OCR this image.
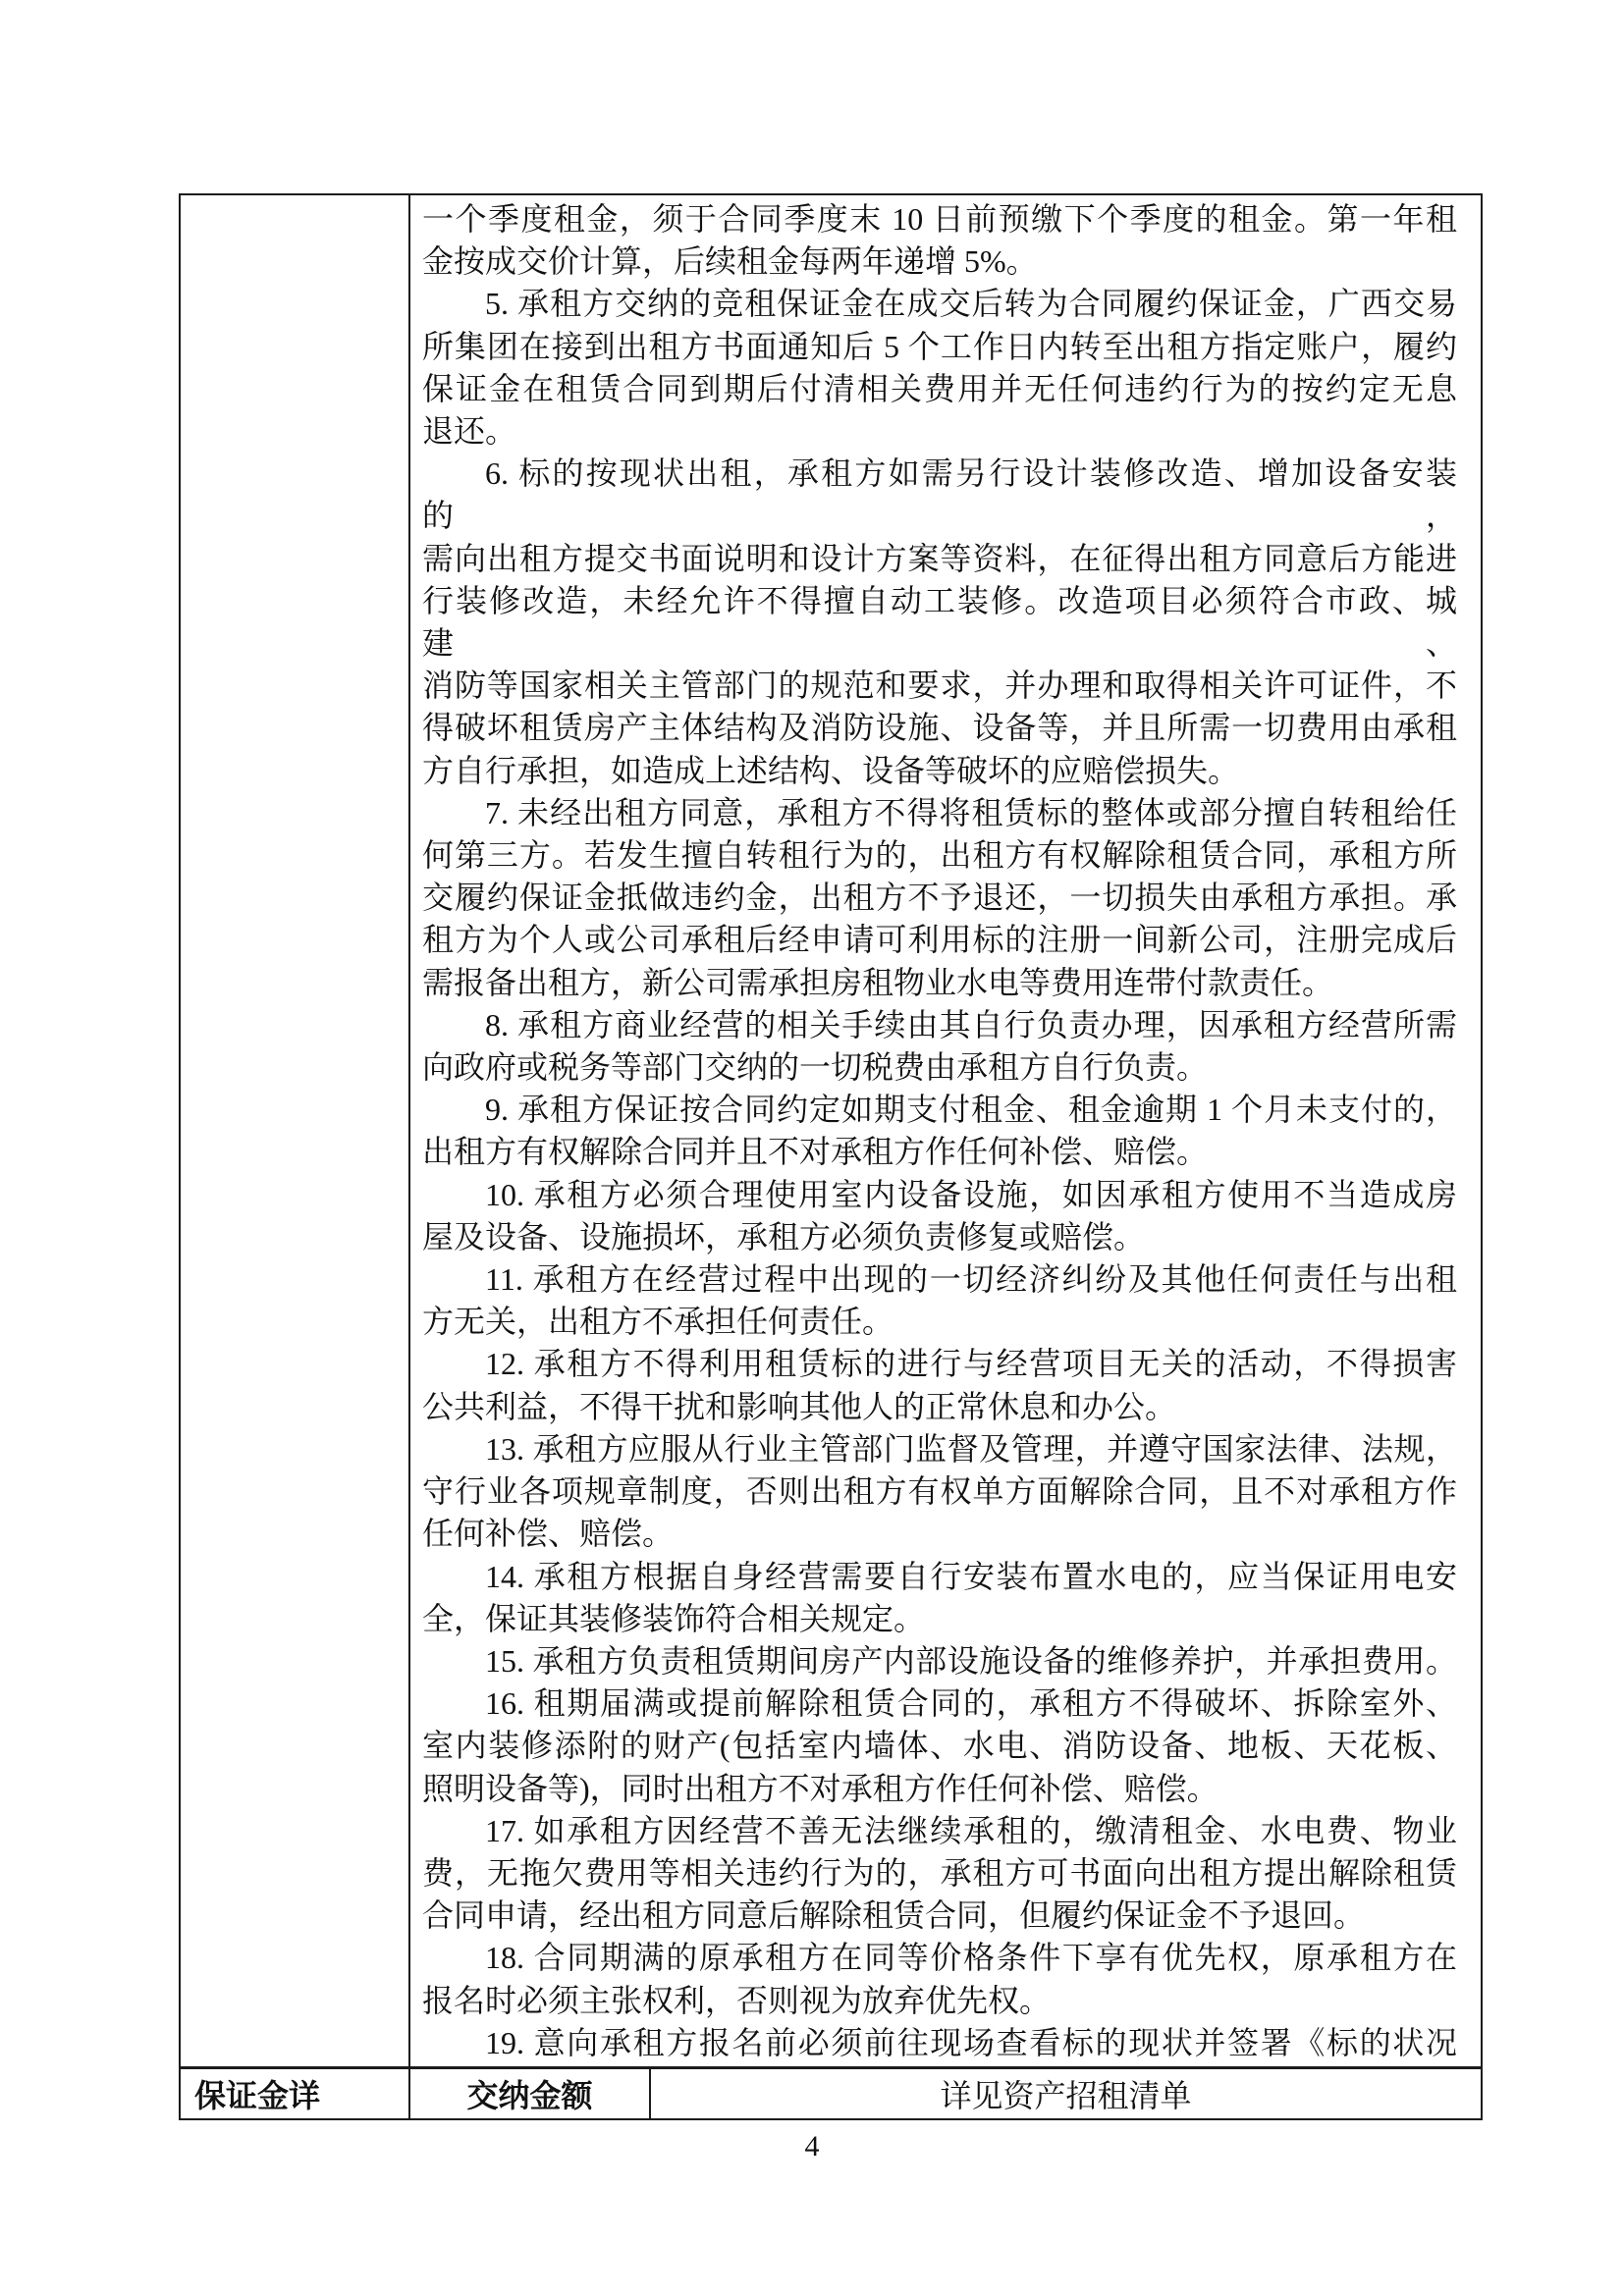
一个季度租金，须于合同季度末 10 日前预缴下个季度的租金。第一年租
金按成交价计算，后续租金每两年递增 5%。
5. 承租方交纳的竞租保证金在成交后转为合同履约保证金，广西交易
所集团在接到出租方书面通知后 5 个工作日内转至出租方指定账户，履约
保证金在租赁合同到期后付清相关费用并无任何违约行为的按约定无息
退还。
6. 标的按现状出租，承租方如需另行设计装修改造、增加设备安装的，
需向出租方提交书面说明和设计方案等资料，在征得出租方同意后方能进
行装修改造，未经允许不得擅自动工装修。改造项目必须符合市政、城建、
消防等国家相关主管部门的规范和要求，并办理和取得相关许可证件，不
得破坏租赁房产主体结构及消防设施、设备等，并且所需一切费用由承租
方自行承担，如造成上述结构、设备等破坏的应赔偿损失。
7. 未经出租方同意，承租方不得将租赁标的整体或部分擅自转租给任
何第三方。若发生擅自转租行为的，出租方有权解除租赁合同，承租方所
交履约保证金抵做违约金，出租方不予退还，一切损失由承租方承担。承
租方为个人或公司承租后经申请可利用标的注册一间新公司，注册完成后
需报备出租方，新公司需承担房租物业水电等费用连带付款责任。
8. 承租方商业经营的相关手续由其自行负责办理，因承租方经营所需
向政府或税务等部门交纳的一切税费由承租方自行负责。
9. 承租方保证按合同约定如期支付租金、租金逾期 1 个月未支付的，
出租方有权解除合同并且不对承租方作任何补偿、赔偿。
10. 承租方必须合理使用室内设备设施，如因承租方使用不当造成房
屋及设备、设施损坏，承租方必须负责修复或赔偿。
11. 承租方在经营过程中出现的一切经济纠纷及其他任何责任与出租
方无关，出租方不承担任何责任。
12. 承租方不得利用租赁标的进行与经营项目无关的活动，不得损害
公共利益，不得干扰和影响其他人的正常休息和办公。
13. 承租方应服从行业主管部门监督及管理，并遵守国家法律、法规，
守行业各项规章制度，否则出租方有权单方面解除合同，且不对承租方作
任何补偿、赔偿。
14. 承租方根据自身经营需要自行安装布置水电的，应当保证用电安
全，保证其装修装饰符合相关规定。
15. 承租方负责租赁期间房产内部设施设备的维修养护，并承担费用。
16. 租期届满或提前解除租赁合同的，承租方不得破坏、拆除室外、
室内装修添附的财产(包括室内墙体、水电、消防设备、地板、天花板、
照明设备等)，同时出租方不对承租方作任何补偿、赔偿。
17. 如承租方因经营不善无法继续承租的，缴清租金、水电费、物业
费，无拖欠费用等相关违约行为的，承租方可书面向出租方提出解除租赁
合同申请，经出租方同意后解除租赁合同，但履约保证金不予退回。
18. 合同期满的原承租方在同等价格条件下享有优先权，原承租方在
报名时必须主张权利，否则视为放弃优先权。
19. 意向承租方报名前必须前往现场查看标的现状并签署《标的状况
保证金详	交纳金额	详见资产招租清单
4
